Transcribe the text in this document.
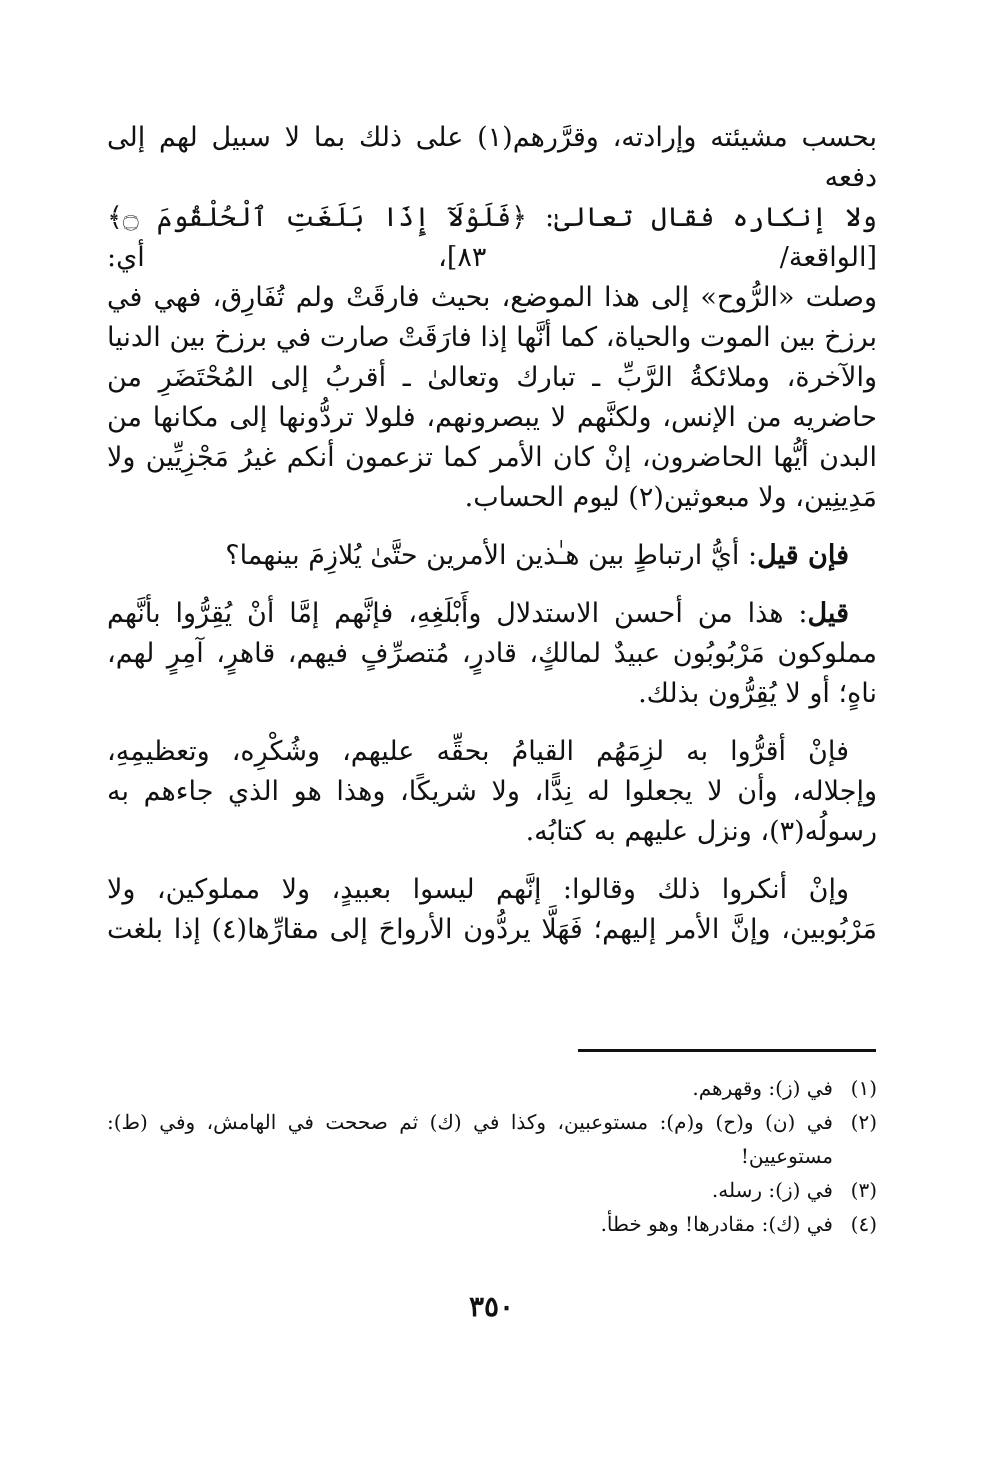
بحسب مشيئته وإرادته، وقرَّرهم(١) على ذلك بما لا سبيل لهم إلى دفعه
ولا إنكاره فقال تعالىٰ: ﴿فَلَوْلَآ إِذَا بَلَغَتِ ٱلْحُلْقُومَ ۝﴾[الواقعة/ ٨٣]، أي:
وصلت «الرُّوح» إلى هذا الموضع، بحيث فارقَتْ ولم تُفَارِق، فهي في
برزخ بين الموت والحياة، كما أنَّها إذا فارَقَتْ صارت في برزخ بين الدنيا
والآخرة، وملائكةُ الرَّبِّ ـ تبارك وتعالىٰ ـ أقربُ إلى المُحْتَضَرِ من
حاضريه من الإنس، ولكنَّهم لا يبصرونهم، فلولا تردُّونها إلى مكانها من
البدن أيُّها الحاضرون، إنْ كان الأمر كما تزعمون أنكم غيرُ مَجْزِيِّين ولا
مَدِينِين، ولا مبعوثين(٢) ليوم الحساب.

فإن قيل: أيُّ ارتباطٍ بين هـٰذين الأمرين حتَّىٰ يُلازِمَ بينهما؟

قيل: هذا من أحسن الاستدلال وأَبْلَغِهِ، فإنَّهم إمَّا أنْ يُقِرُّوا بأنَّهم
مملوكون مَرْبُوبُون عبيدٌ لمالكٍ، قادرٍ، مُتصرِّفٍ فيهم، قاهرٍ، آمِرٍ لهم،
ناهٍ؛ أو لا يُقِرُّون بذلك.

فإنْ أقرُّوا به لزِمَهُم القيامُ بحقِّه عليهم، وشُكْرِه، وتعظيمِهِ،
وإجلاله، وأن لا يجعلوا له نِدًّا، ولا شريكًا، وهذا هو الذي جاءهم به
رسولُه(٣)، ونزل عليهم به كتابُه.

وإنْ أنكروا ذلك وقالوا: إنَّهم ليسوا بعبيدٍ، ولا مملوكين، ولا
مَرْبُوبين، وإنَّ الأمر إليهم؛ فَهَلَّا يردُّون الأرواحَ إلى مقارِّها(٤) إذا بلغت

(١)
في (ز): وقهرهم.
(٢)
في (ن) و(ح) و(م): مستوعبين، وكذا في (ك) ثم صححت في الهامش، وفي (ط): مستوعيين!
(٣)
في (ز): رسله.
(٤)
في (ك): مقادرها! وهو خطأ.
٣٥٠
